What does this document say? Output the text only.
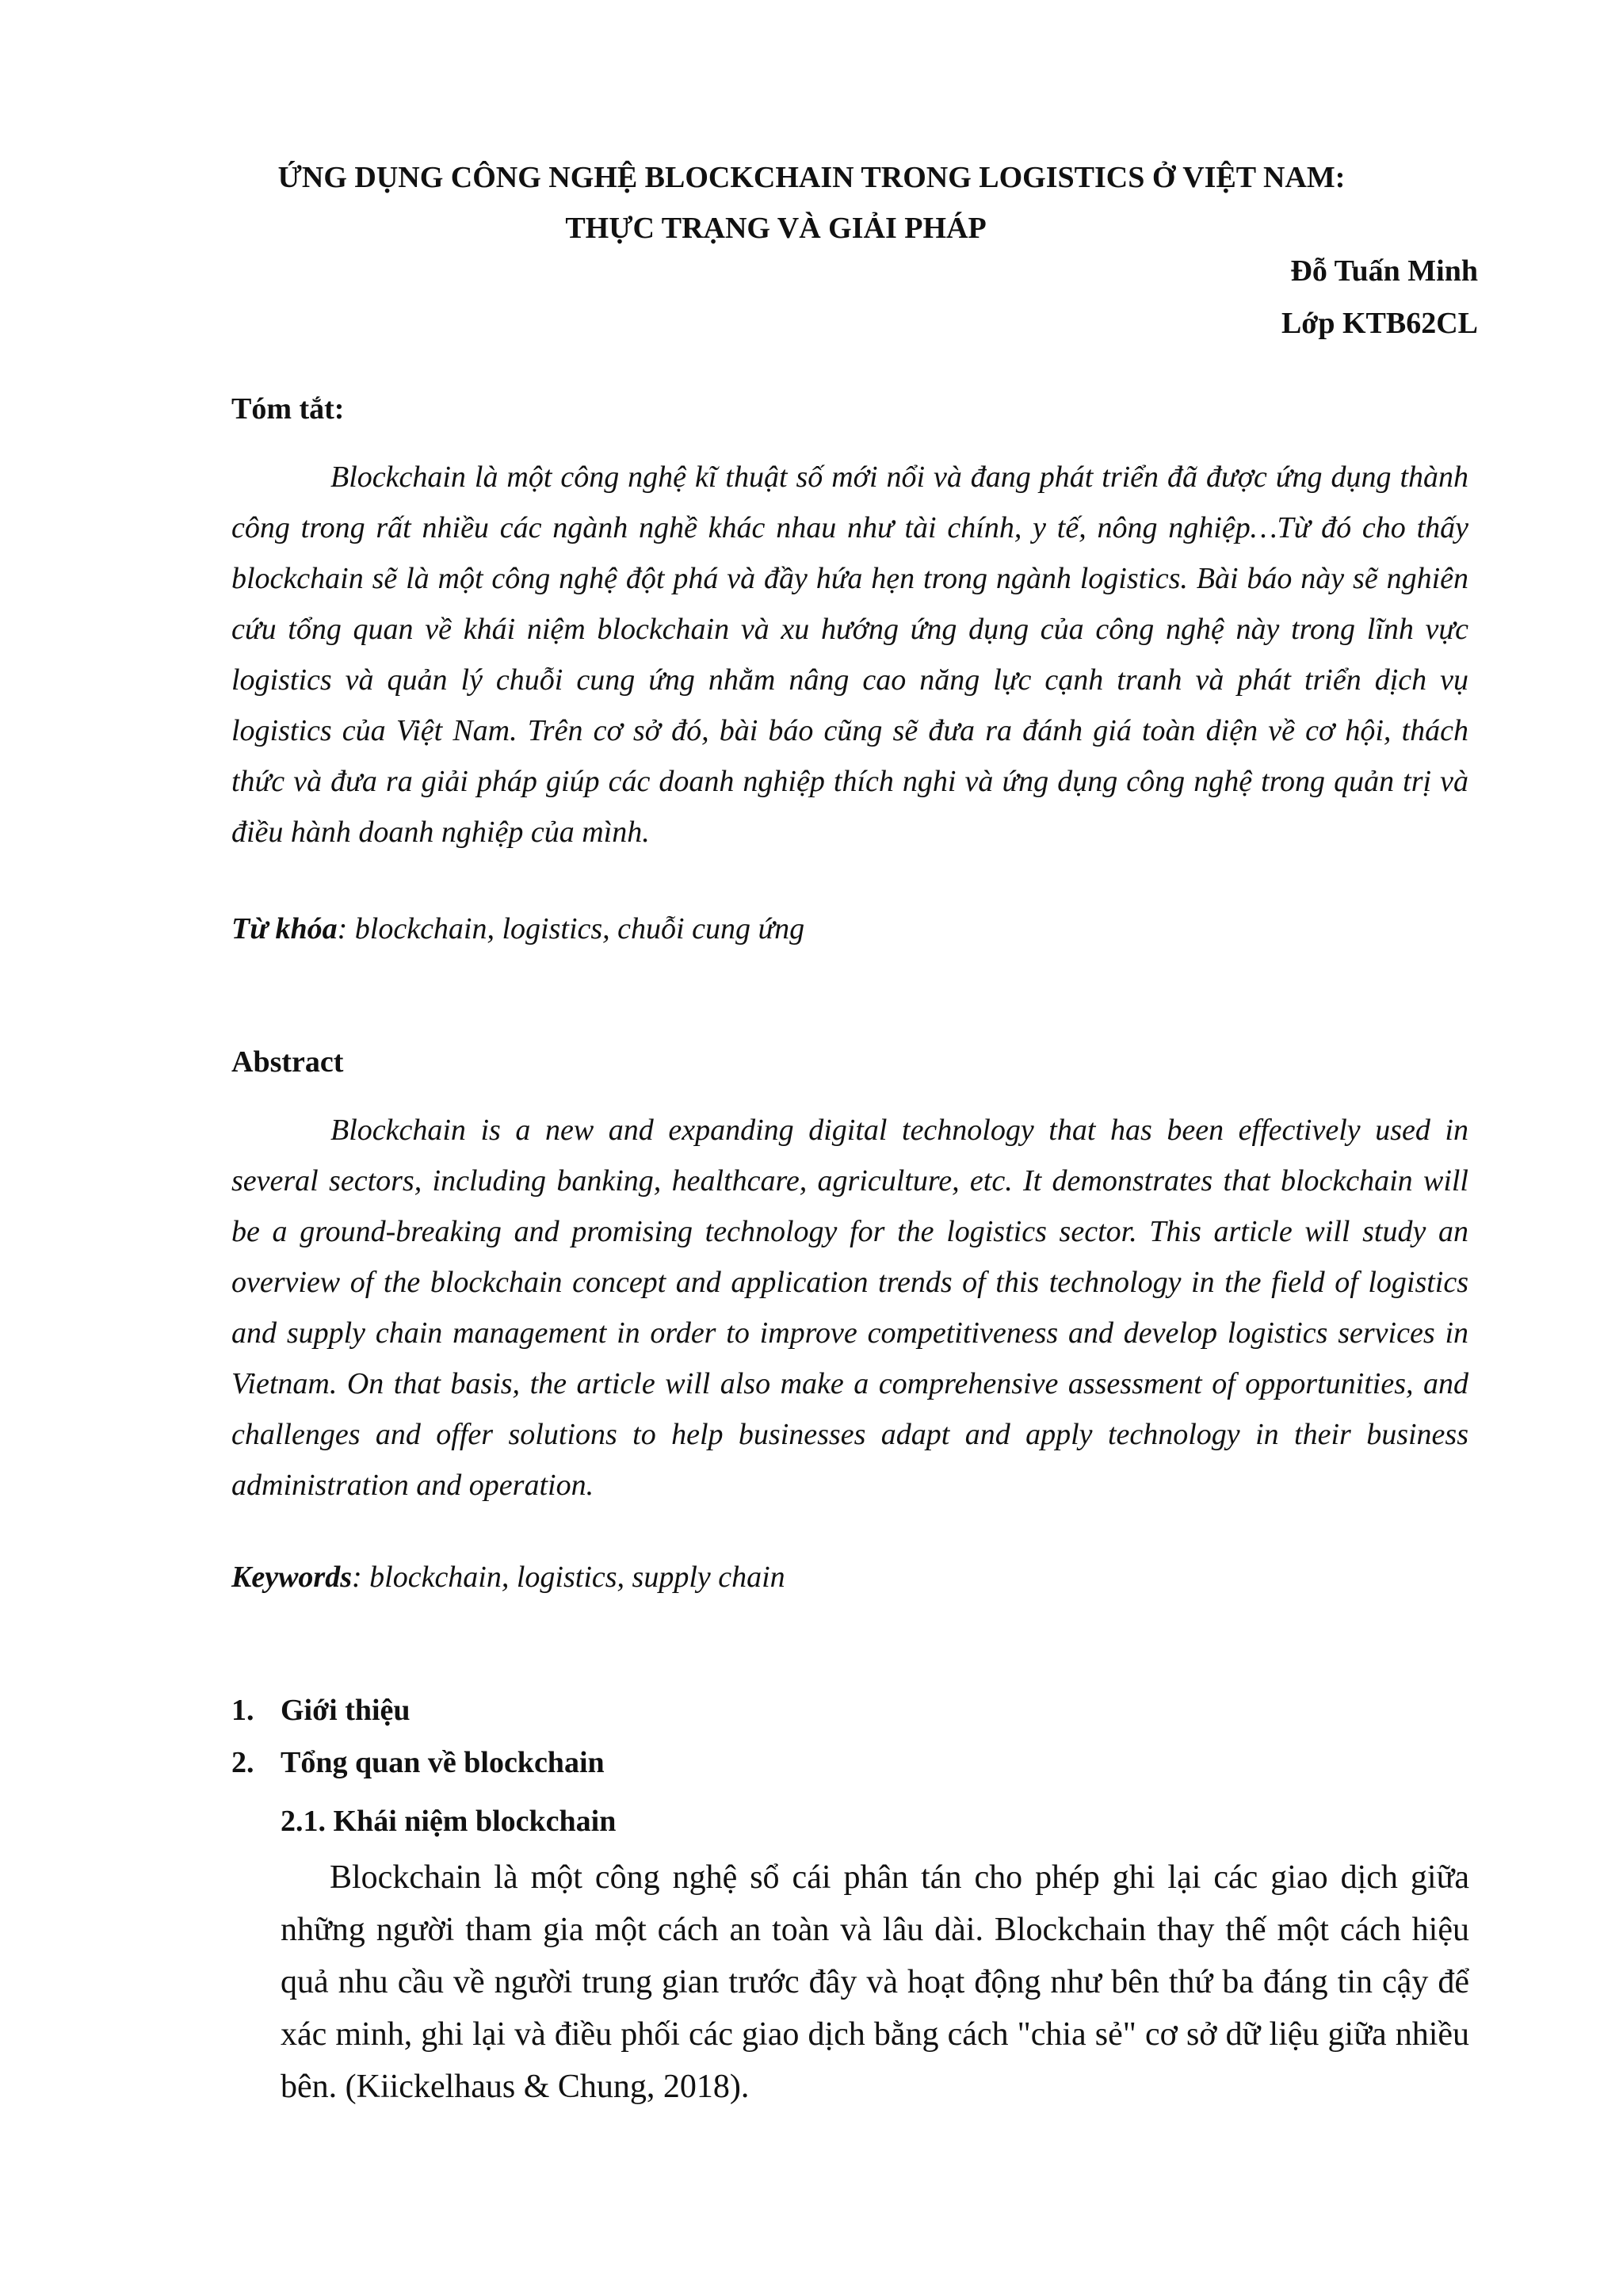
ỨNG DỤNG CÔNG NGHỆ BLOCKCHAIN TRONG LOGISTICS Ở VIỆT NAM:
THỰC TRẠNG VÀ GIẢI PHÁP
Đỗ Tuấn Minh
Lớp KTB62CL
Tóm tắt:

Blockchain là một công nghệ kĩ thuật số mới nổi và đang phát triển đã được ứng dụng thành công trong rất nhiều các ngành nghề khác nhau như tài chính, y tế, nông nghiệp…Từ đó cho thấy blockchain sẽ là một công nghệ đột phá và đầy hứa hẹn trong ngành logistics. Bài báo này sẽ nghiên cứu tổng quan về khái niệm blockchain và xu hướng ứng dụng của công nghệ này trong lĩnh vực logistics và quản lý chuỗi cung ứng nhằm nâng cao năng lực cạnh tranh và phát triển dịch vụ logistics của Việt Nam. Trên cơ sở đó, bài báo cũng sẽ đưa ra đánh giá toàn diện về cơ hội, thách thức và đưa ra giải pháp giúp các doanh nghiệp thích nghi và ứng dụng công nghệ trong quản trị và điều hành doanh nghiệp của mình.

Từ khóa: blockchain, logistics, chuỗi cung ứng
Abstract

Blockchain is a new and expanding digital technology that has been effectively used in several sectors, including banking, healthcare, agriculture, etc. It demonstrates that blockchain will be a ground-breaking and promising technology for the logistics sector. This article will study an overview of the blockchain concept and application trends of this technology in the field of logistics and supply chain management in order to improve competitiveness and develop logistics services in Vietnam. On that basis, the article will also make a comprehensive assessment of opportunities, and challenges and offer solutions to help businesses adapt and apply technology in their business administration and operation.

Keywords: blockchain, logistics, supply chain
1. Giới thiệu
2. Tổng quan về blockchain
2.1. Khái niệm blockchain

Blockchain là một công nghệ sổ cái phân tán cho phép ghi lại các giao dịch giữa những người tham gia một cách an toàn và lâu dài. Blockchain thay thế một cách hiệu quả nhu cầu về người trung gian trước đây và hoạt động như bên thứ ba đáng tin cậy để xác minh, ghi lại và điều phối các giao dịch bằng cách "chia sẻ" cơ sở dữ liệu giữa nhiều bên. (Kiickelhaus & Chung, 2018).
